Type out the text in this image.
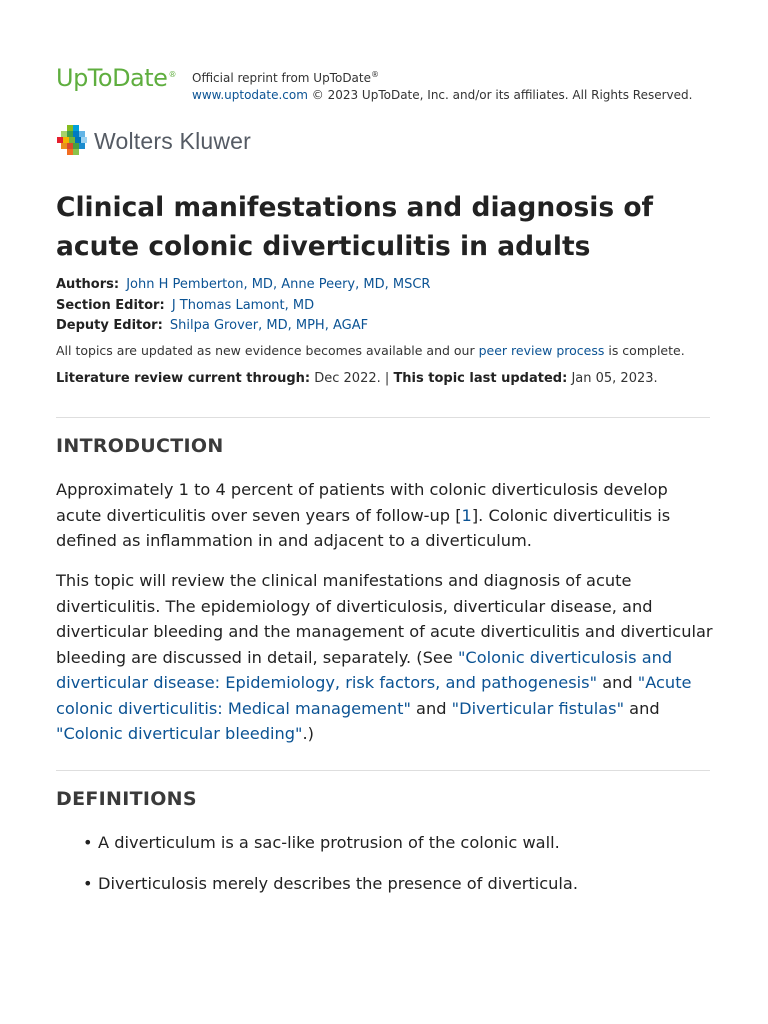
UpToDate® Official reprint from UpToDate®
www.uptodate.com © 2023 UpToDate, Inc. and/or its affiliates. All Rights Reserved.
Wolters Kluwer
Clinical manifestations and diagnosis of acute colonic diverticulitis in adults
Authors: John H Pemberton, MD, Anne Peery, MD, MSCR
Section Editor: J Thomas Lamont, MD
Deputy Editor: Shilpa Grover, MD, MPH, AGAF
All topics are updated as new evidence becomes available and our peer review process is complete.
Literature review current through: Dec 2022. | This topic last updated: Jan 05, 2023.
INTRODUCTION

Approximately 1 to 4 percent of patients with colonic diverticulosis develop acute diverticulitis over seven years of follow-up [1]. Colonic diverticulitis is defined as inflammation in and adjacent to a diverticulum.

This topic will review the clinical manifestations and diagnosis of acute diverticulitis. The epidemiology of diverticulosis, diverticular disease, and diverticular bleeding and the management of acute diverticulitis and diverticular bleeding are discussed in detail, separately. (See "Colonic diverticulosis and diverticular disease: Epidemiology, risk factors, and pathogenesis" and "Acute colonic diverticulitis: Medical management" and "Diverticular fistulas" and "Colonic diverticular bleeding".)

DEFINITIONS
• A diverticulum is a sac-like protrusion of the colonic wall.
• Diverticulosis merely describes the presence of diverticula.
